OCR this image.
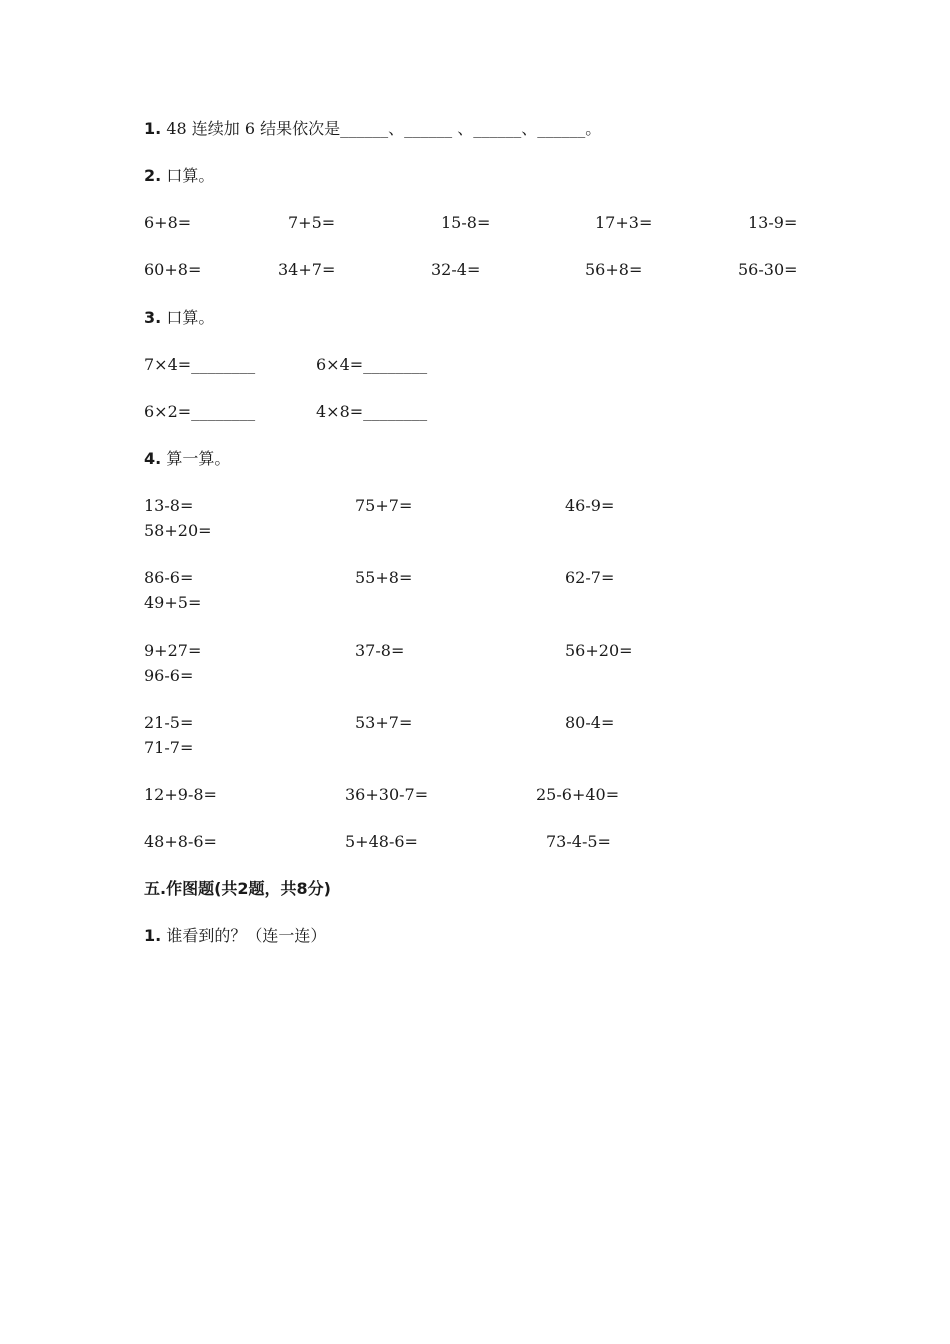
1. 48 连续加 6 结果依次是______、______ 、______、______。
2. 口算。
6+8=	7+5=	15-8=	17+3=	13-9=
60+8=	34+7=	32-4=	56+8=	56-30=
3. 口算。
7×4=________	6×4=________
6×2=________	4×8=________
4. 算一算。
13-8=	75+7=	46-9=
58+20=
86-6=	55+8=	62-7=
49+5=
9+27=	37-8=	56+20=
96-6=
21-5=	53+7=	80-4=
71-7=
12+9-8=	36+30-7=	25-6+40=
48+8-6=	5+48-6=	73-4-5=
五.作图题(共2题，共8分)
1. 谁看到的？（连一连）
